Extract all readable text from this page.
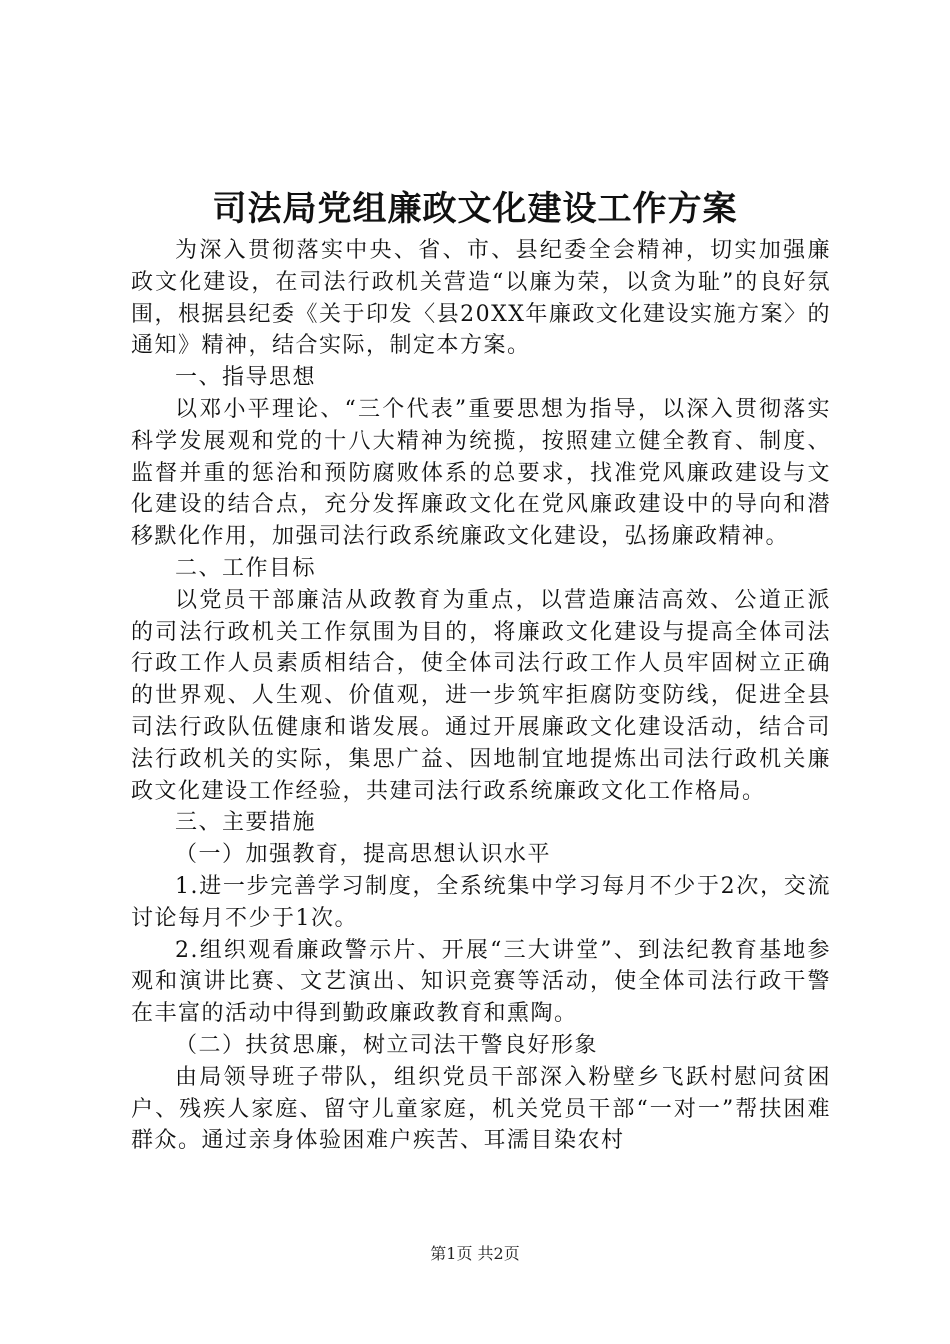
司法局党组廉政文化建设工作方案

为深入贯彻落实中央、省、市、县纪委全会精神，切实加强廉政文化建设，在司法行政机关营造“以廉为荣，以贪为耻”的良好氛围，根据县纪委《关于印发〈县20XX年廉政文化建设实施方案〉的通知》精神，结合实际，制定本方案。

一、指导思想

以邓小平理论、“三个代表”重要思想为指导，以深入贯彻落实科学发展观和党的十八大精神为统揽，按照建立健全教育、制度、监督并重的惩治和预防腐败体系的总要求，找准党风廉政建设与文化建设的结合点，充分发挥廉政文化在党风廉政建设中的导向和潜移默化作用，加强司法行政系统廉政文化建设，弘扬廉政精神。

二、工作目标

以党员干部廉洁从政教育为重点，以营造廉洁高效、公道正派的司法行政机关工作氛围为目的，将廉政文化建设与提高全体司法行政工作人员素质相结合，使全体司法行政工作人员牢固树立正确的世界观、人生观、价值观，进一步筑牢拒腐防变防线，促进全县司法行政队伍健康和谐发展。通过开展廉政文化建设活动，结合司法行政机关的实际，集思广益、因地制宜地提炼出司法行政机关廉政文化建设工作经验，共建司法行政系统廉政文化工作格局。

三、主要措施

（一）加强教育，提高思想认识水平

1.进一步完善学习制度，全系统集中学习每月不少于2次，交流讨论每月不少于1次。

2.组织观看廉政警示片、开展“三大讲堂”、到法纪教育基地参观和演讲比赛、文艺演出、知识竞赛等活动，使全体司法行政干警在丰富的活动中得到勤政廉政教育和熏陶。

（二）扶贫思廉，树立司法干警良好形象

由局领导班子带队，组织党员干部深入粉壁乡飞跃村慰问贫困户、残疾人家庭、留守儿童家庭，机关党员干部“一对一”帮扶困难群众。通过亲身体验困难户疾苦、耳濡目染农村

第1页 共2页
